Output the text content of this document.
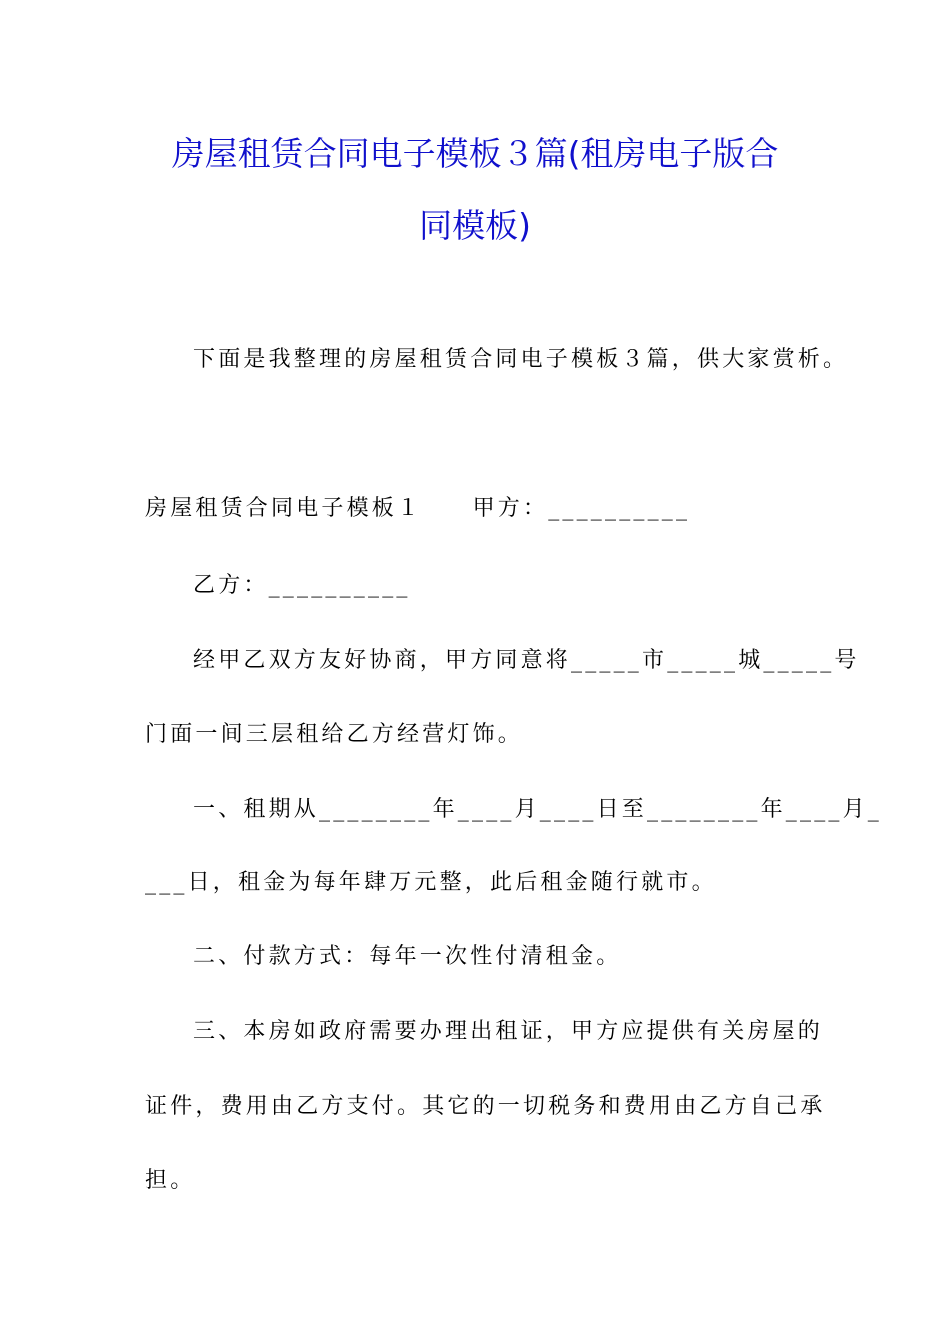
房屋租赁合同电子模板３篇(租房电子版合
同模板)
下面是我整理的房屋租赁合同电子模板３篇，供大家赏析。
房屋租赁合同电子模板１　　甲方：__________
乙方：__________
经甲乙双方友好协商，甲方同意将_____市_____城_____号
门面一间三层租给乙方经营灯饰。
一、租期从________年____月____日至________年____月_
___日，租金为每年肆万元整，此后租金随行就市。
二、付款方式：每年一次性付清租金。
三、本房如政府需要办理出租证，甲方应提供有关房屋的
证件，费用由乙方支付。其它的一切税务和费用由乙方自己承
担。
